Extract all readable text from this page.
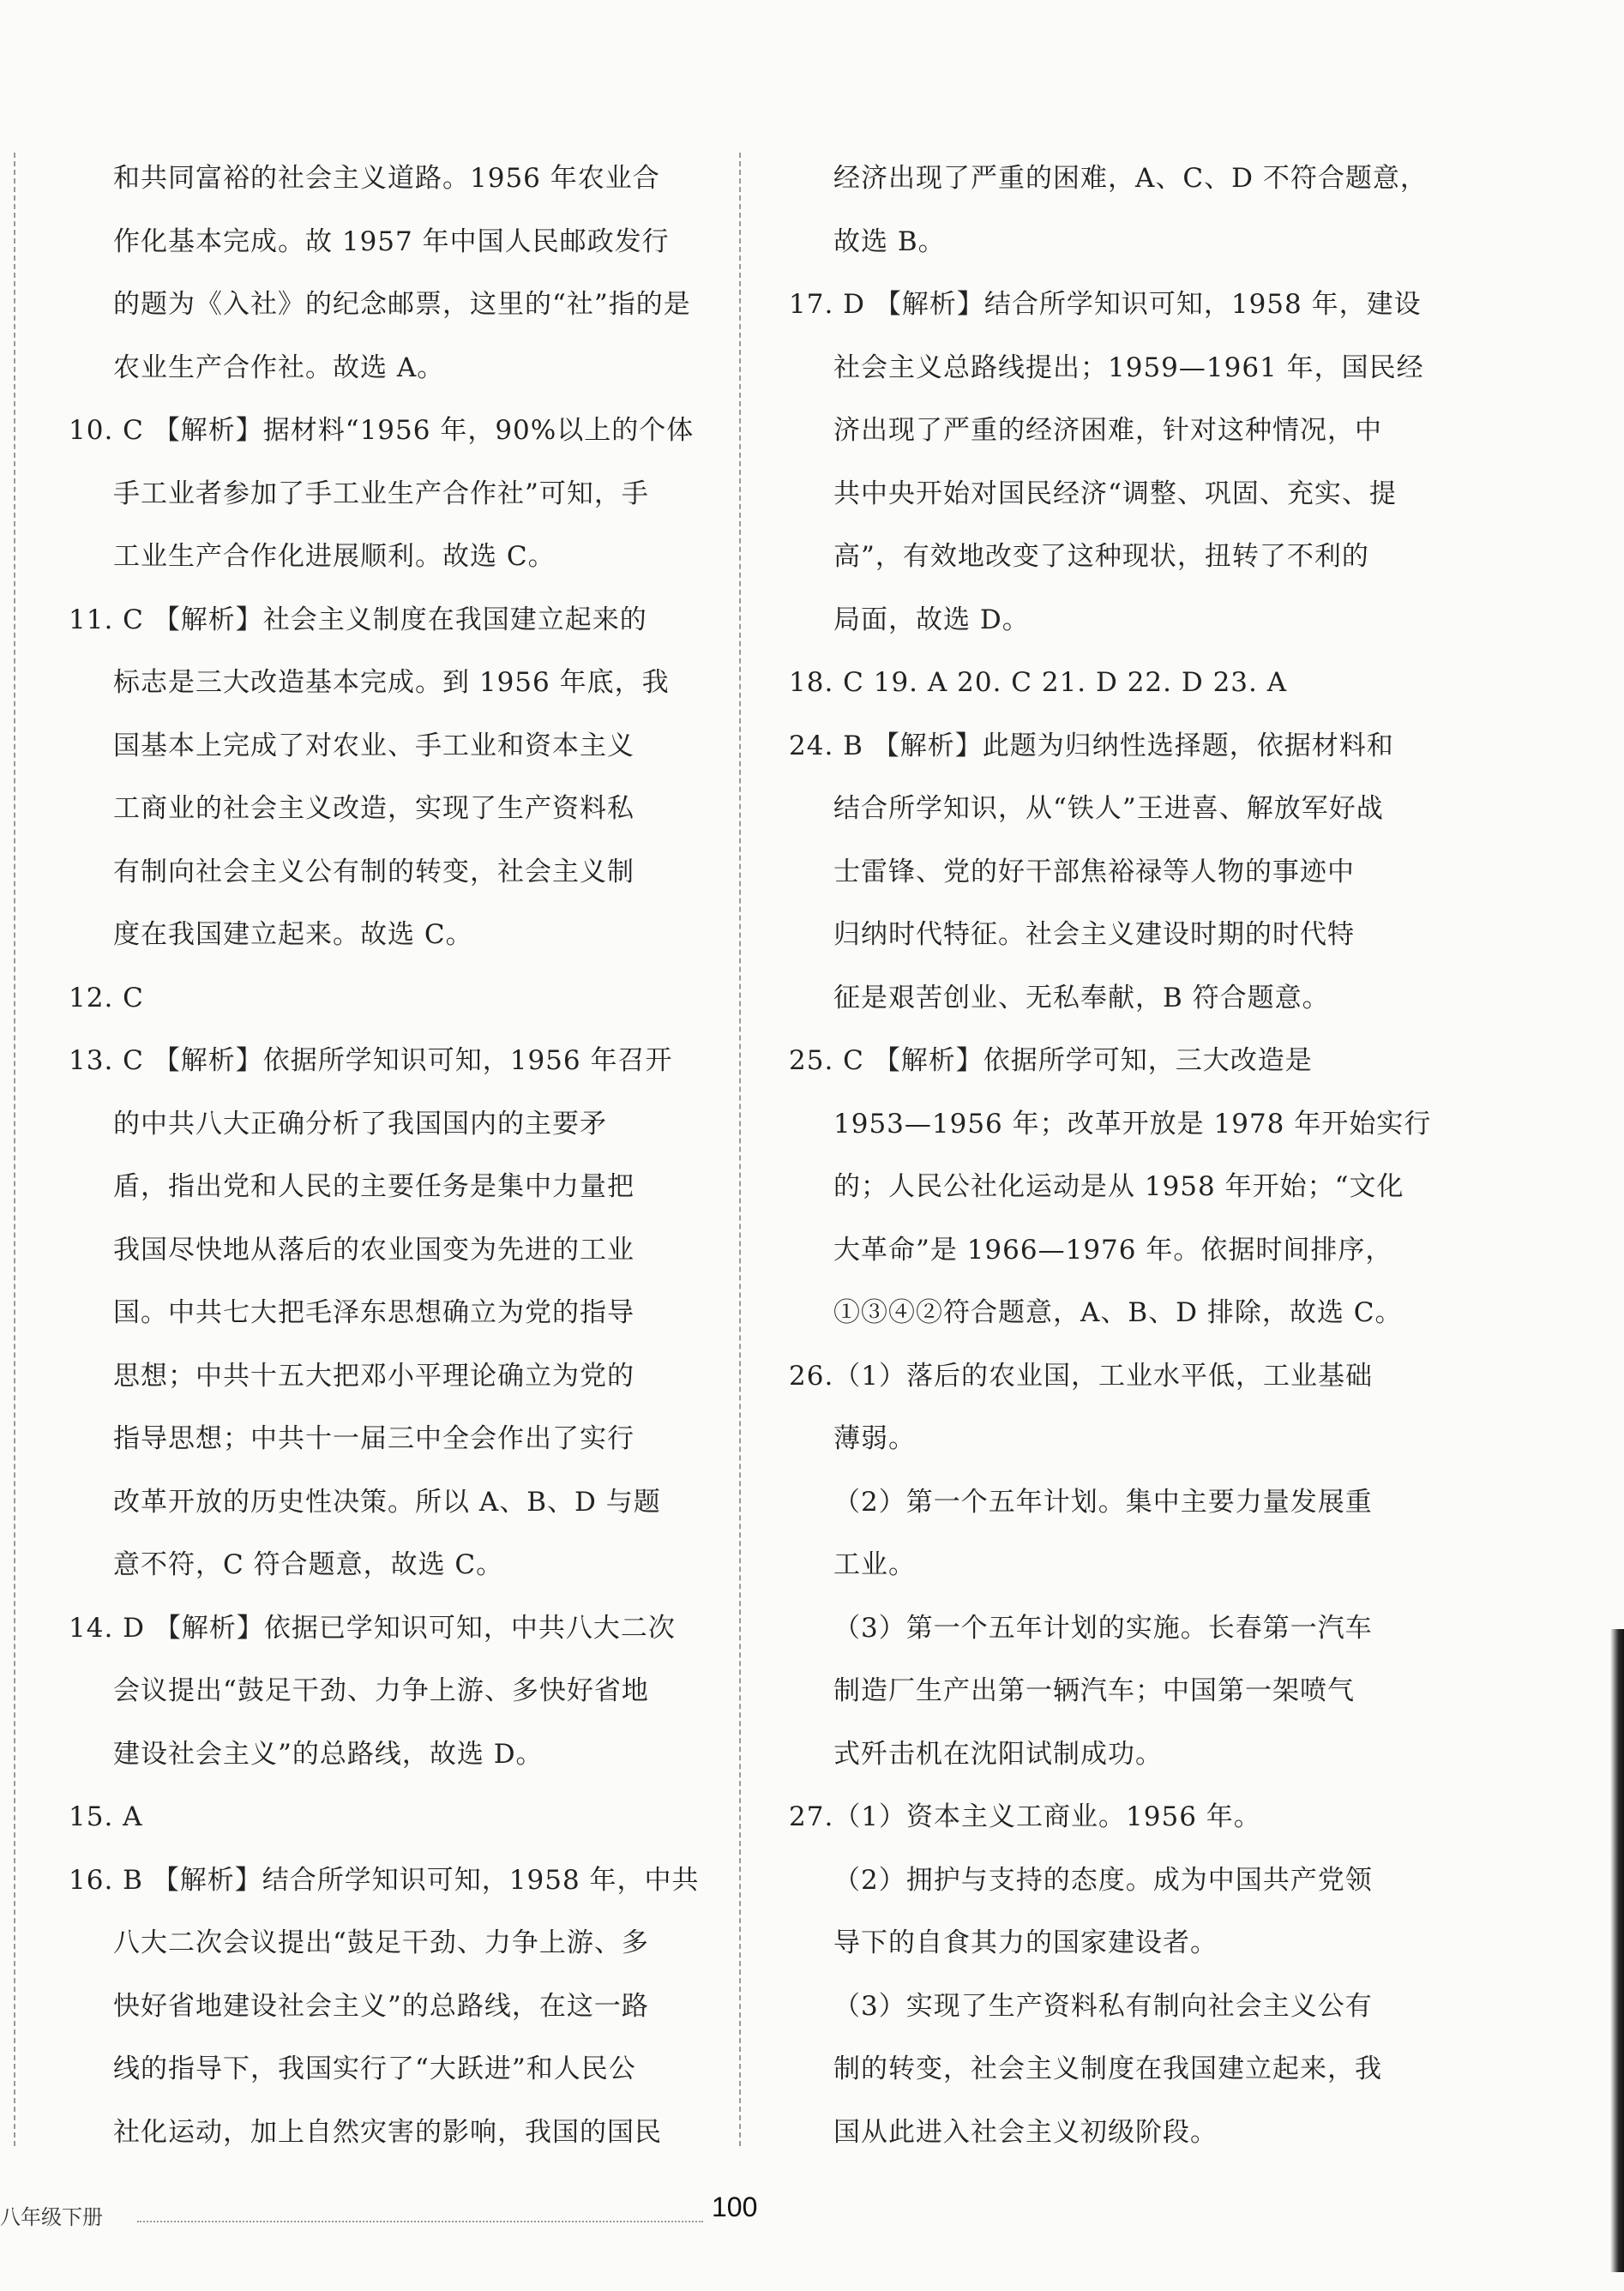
和共同富裕的社会主义道路。1956 年农业合
作化基本完成。故 1957 年中国人民邮政发行
的题为《入社》的纪念邮票，这里的“社”指的是
农业生产合作社。故选 A。
10. C 【解析】据材料“1956 年，90%以上的个体
手工业者参加了手工业生产合作社”可知，手
工业生产合作化进展顺利。故选 C。
11. C 【解析】社会主义制度在我国建立起来的
标志是三大改造基本完成。到 1956 年底，我
国基本上完成了对农业、手工业和资本主义
工商业的社会主义改造，实现了生产资料私
有制向社会主义公有制的转变，社会主义制
度在我国建立起来。故选 C。
12. C
13. C 【解析】依据所学知识可知，1956 年召开
的中共八大正确分析了我国国内的主要矛
盾，指出党和人民的主要任务是集中力量把
我国尽快地从落后的农业国变为先进的工业
国。中共七大把毛泽东思想确立为党的指导
思想；中共十五大把邓小平理论确立为党的
指导思想；中共十一届三中全会作出了实行
改革开放的历史性决策。所以 A、B、D 与题
意不符，C 符合题意，故选 C。
14. D 【解析】依据已学知识可知，中共八大二次
会议提出“鼓足干劲、力争上游、多快好省地
建设社会主义”的总路线，故选 D。
15. A
16. B 【解析】结合所学知识可知，1958 年，中共
八大二次会议提出“鼓足干劲、力争上游、多
快好省地建设社会主义”的总路线，在这一路
线的指导下，我国实行了“大跃进”和人民公
社化运动，加上自然灾害的影响，我国的国民
经济出现了严重的困难，A、C、D 不符合题意，
故选 B。
17. D 【解析】结合所学知识可知，1958 年，建设
社会主义总路线提出；1959—1961 年，国民经
济出现了严重的经济困难，针对这种情况，中
共中央开始对国民经济“调整、巩固、充实、提
高”，有效地改变了这种现状，扭转了不利的
局面，故选 D。
18. C 19. A 20. C 21. D 22. D 23. A
24. B 【解析】此题为归纳性选择题，依据材料和
结合所学知识，从“铁人”王进喜、解放军好战
士雷锋、党的好干部焦裕禄等人物的事迹中
归纳时代特征。社会主义建设时期的时代特
征是艰苦创业、无私奉献，B 符合题意。
25. C 【解析】依据所学可知，三大改造是
1953—1956 年；改革开放是 1978 年开始实行
的；人民公社化运动是从 1958 年开始；“文化
大革命”是 1966—1976 年。依据时间排序，
①③④②符合题意，A、B、D 排除，故选 C。
26.（1）落后的农业国，工业水平低，工业基础
薄弱。
（2）第一个五年计划。集中主要力量发展重
工业。
（3）第一个五年计划的实施。长春第一汽车
制造厂生产出第一辆汽车；中国第一架喷气
式歼击机在沈阳试制成功。
27.（1）资本主义工商业。1956 年。
（2）拥护与支持的态度。成为中国共产党领
导下的自食其力的国家建设者。
（3）实现了生产资料私有制向社会主义公有
制的转变，社会主义制度在我国建立起来，我
国从此进入社会主义初级阶段。
八年级下册	100
